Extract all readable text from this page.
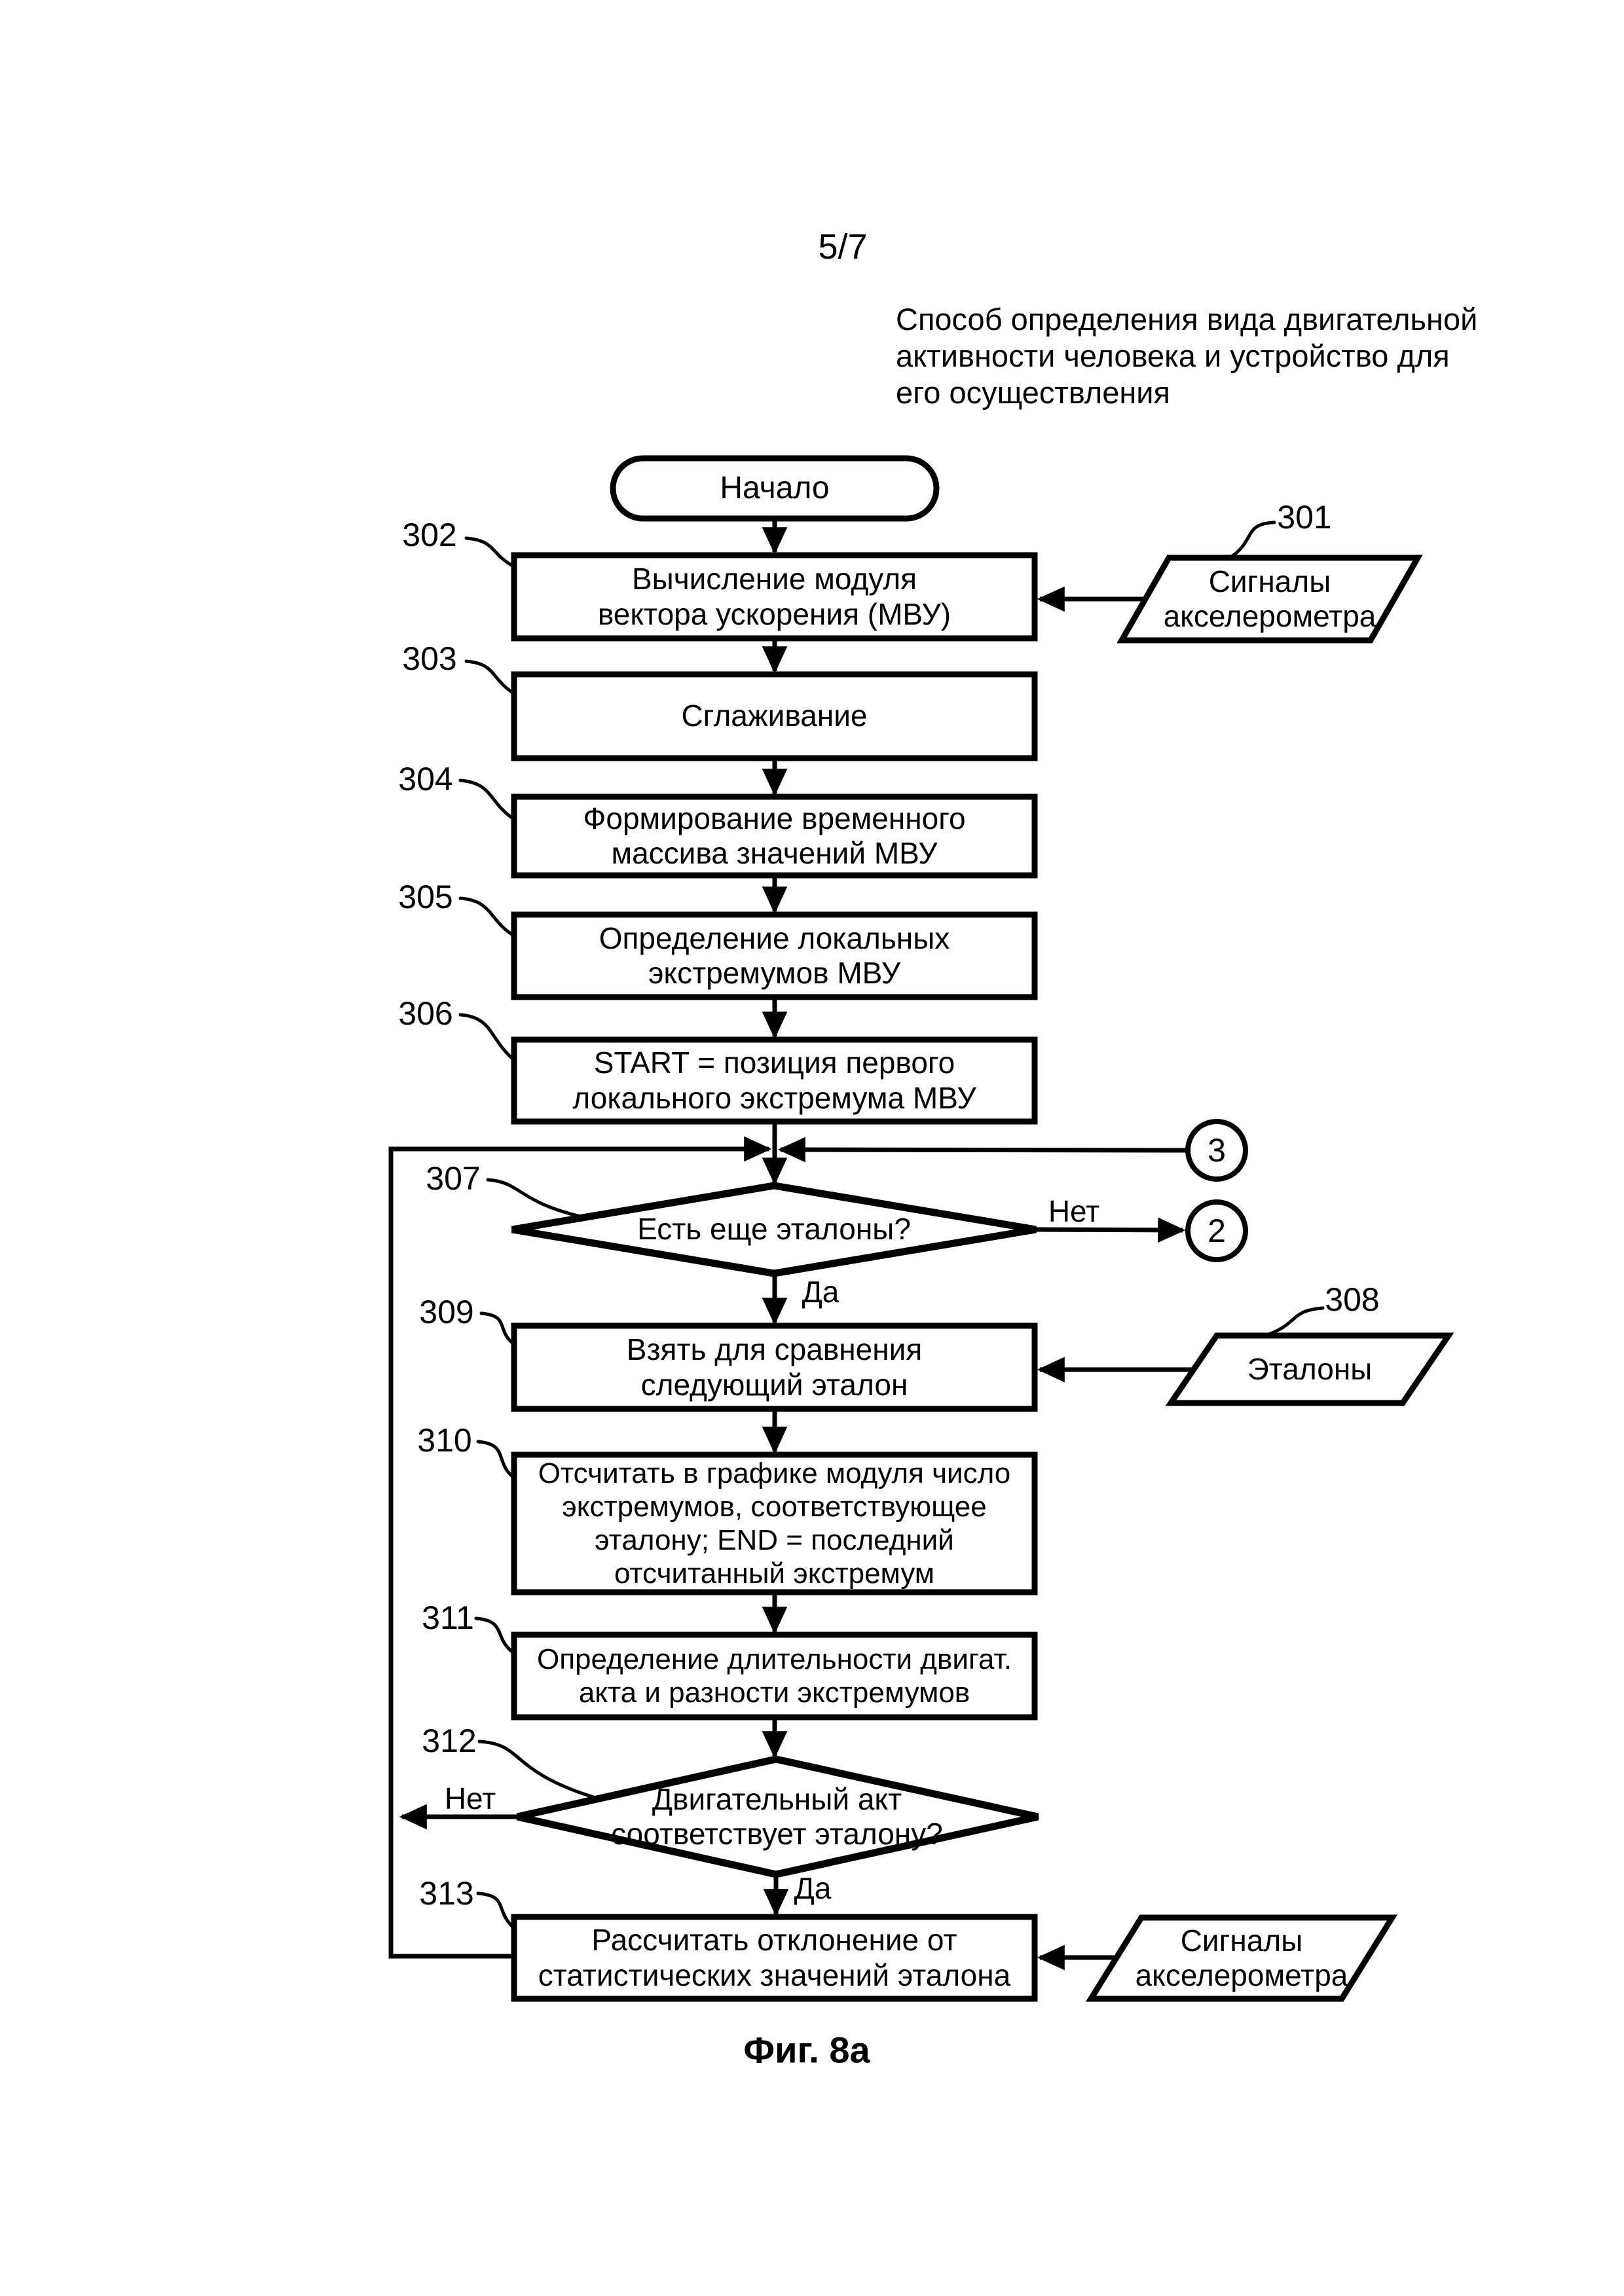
5/7
Способ определения вида двигательной
активности человека и устройство для
его осуществления
Начало
Вычисление модуля
вектора ускорения (МВУ)
Сглаживание
Формирование временного
массива значений МВУ
Определение локальных
экстремумов МВУ
START = позиция первого
локального экстремума МВУ
Есть еще эталоны?
Взять для сравнения
следующий эталон
Отсчитать в графике модуля число
экстремумов, соответствующее
эталону; END = последний
отсчитанный экстремум
Определение длительности двигат.
акта и разности экстремумов
Двигательный акт
соответствует эталону?
Рассчитать отклонение от
статистических значений эталона
Сигналы
акселерометра
Эталоны
Сигналы
акселерометра
3
2
Нет
Да
Нет
Да
301
302
303
304
305
306
307
308
309
310
311
312
313
Фиг. 8а
